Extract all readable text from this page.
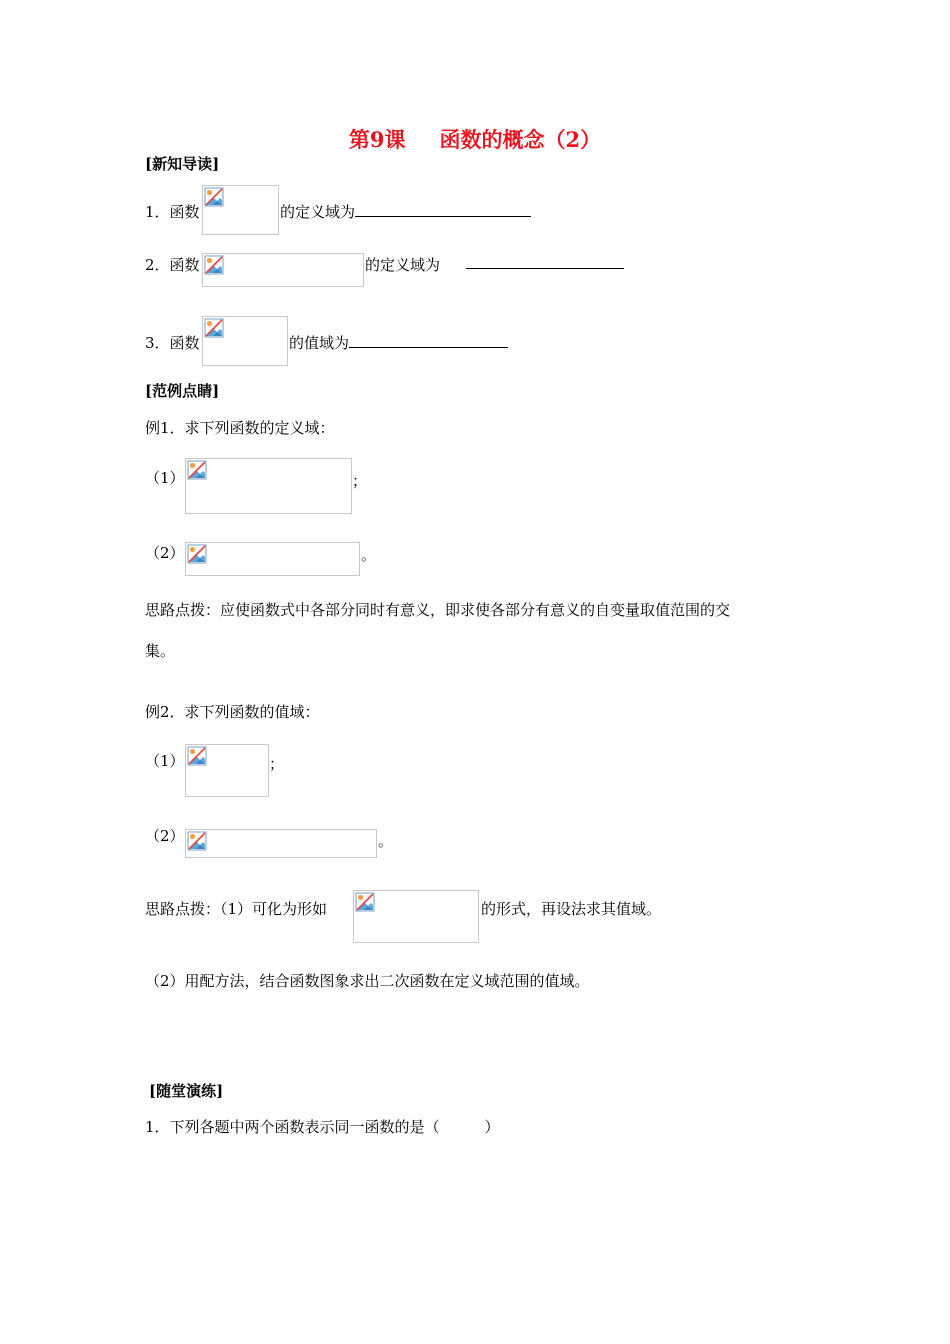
第9课 函数的概念（2）
[新知导读]
1．函数	的定义域为
2．函数	的定义域为
3．函数	的值域为
[范例点睛]
例1．求下列函数的定义域：
（1）	；
（2）	。
思路点拨：应使函数式中各部分同时有意义，即求使各部分有意义的自变量取值范围的交
集。
例2．求下列函数的值域：
（1）	；
（2）	。
思路点拨：（1）可化为形如	的形式，再设法求其值域。
（2）用配方法，结合函数图象求出二次函数在定义域范围的值域。
[随堂演练]
1．下列各题中两个函数表示同一函数的是（　　　）
